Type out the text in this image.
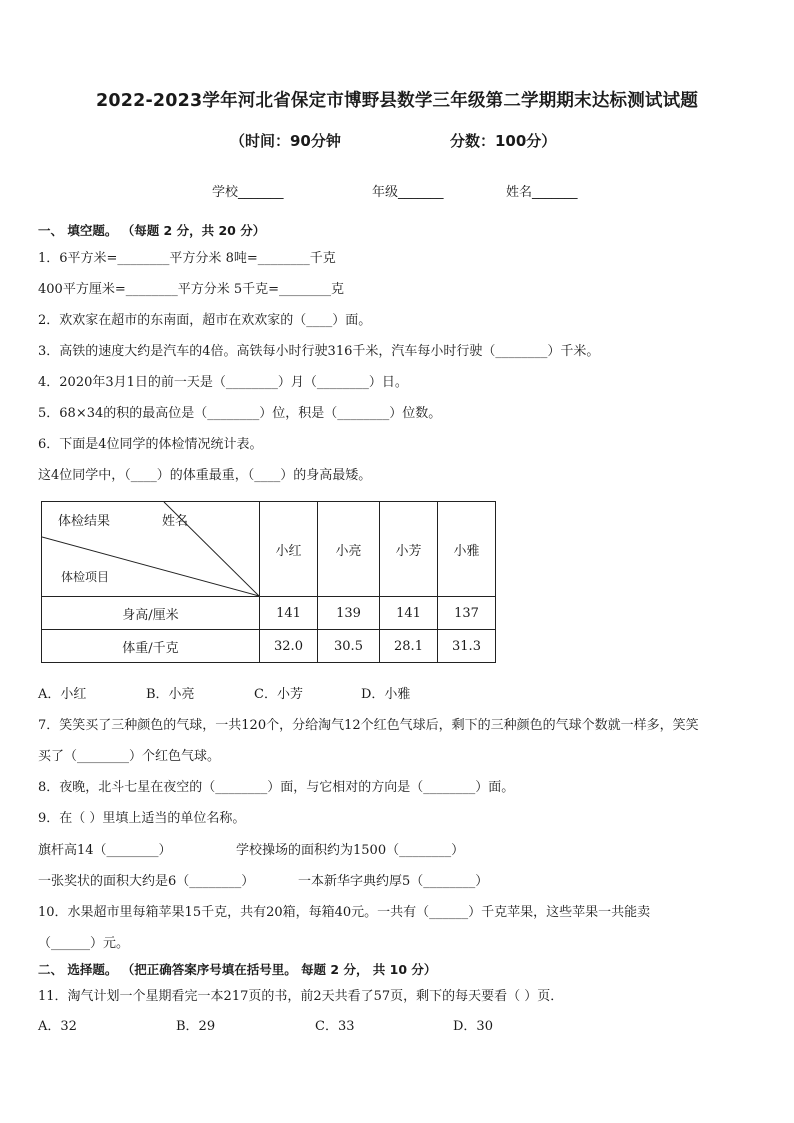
2022-2023学年河北省保定市博野县数学三年级第二学期期末达标测试试题
（时间：90分钟	分数：100分）
学校_______	年级_______	姓名_______
一、 填空题。 （每题 2 分，共 20 分）
1．6平方米=________平方分米 8吨=________千克
400平方厘米=________平方分米 5千克=________克
2．欢欢家在超市的东南面，超市在欢欢家的（____）面。
3．高铁的速度大约是汽车的4倍。高铁每小时行驶316千米，汽车每小时行驶（________）千米。
4．2020年3月1日的前一天是（________）月（________）日。
5．68×34的积的最高位是（________）位，积是（________）位数。
6．下面是4位同学的体检情况统计表。
这4位同学中，（____）的体重最重，（____）的身高最矮。
体检结果 姓名
体检项目	小红	小亮	小芳	小雅
身高/厘米	141	139	141	137
体重/千克	32.0	30.5	28.1	31.3
A．小红	B．小亮	C．小芳	D．小雅
7．笑笑买了三种颜色的气球，一共120个，分给淘气12个红色气球后，剩下的三种颜色的气球个数就一样多，笑笑
买了（________）个红色气球。
8．夜晚，北斗七星在夜空的（________）面，与它相对的方向是（________）面。
9．在（ ）里填上适当的单位名称。
旗杆高14（________）	学校操场的面积约为1500（________）
一张奖状的面积大约是6（________）	一本新华字典约厚5（________）
10．水果超市里每箱苹果15千克，共有20箱，每箱40元。一共有（______）千克苹果，这些苹果一共能卖
（______）元。
二、 选择题。 （把正确答案序号填在括号里。 每题 2 分， 共 10 分）
11．淘气计划一个星期看完一本217页的书，前2天共看了57页，剩下的每天要看（ ）页．
A．32	B．29	C．33	D．30
